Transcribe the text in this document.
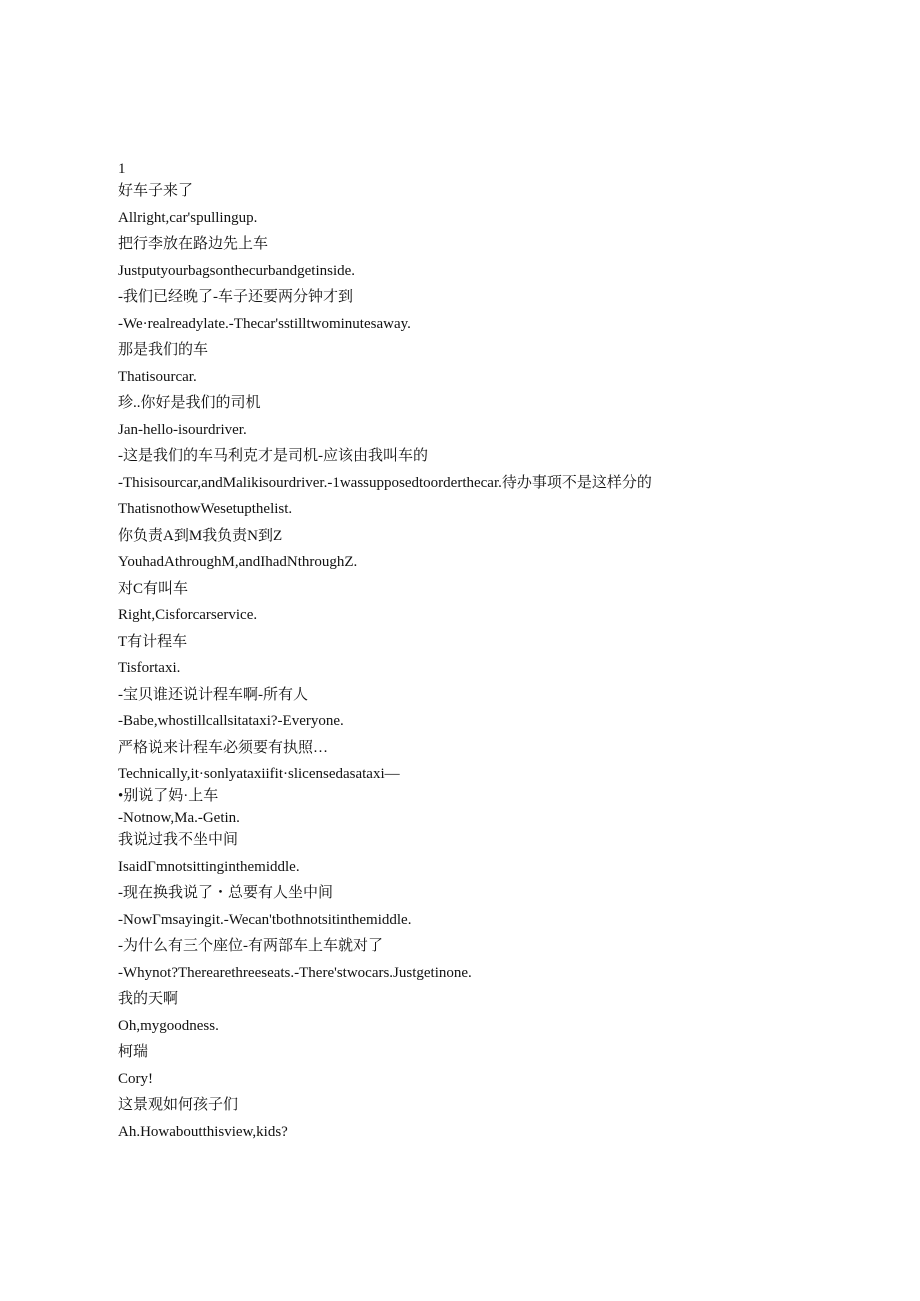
1
好车子来了
Allright,car'spullingup.
把行李放在路边先上车
Justputyourbagsonthecurbandgetinside.
-我们已经晚了-车子还要两分钟才到
-We·realreadylate.-Thecar'sstilltwominutesaway.
那是我们的车
Thatisourcar.
珍..你好是我们的司机
Jan-hello-isourdriver.
-这是我们的车马利克才是司机-应该由我叫车的
-Thisisourcar,andMalikisourdriver.-1wassupposedtoorderthecar.待办事项不是这样分的
ThatisnothowWesetupthelist.
你负责A到M我负责N到Z
YouhadAthroughM,andIhadNthroughZ.
对C有叫车
Right,Cisforcarservice.
T有计程车
Tisfortaxi.
-宝贝谁还说计程车啊-所有人
-Babe,whostillcallsitataxi?-Everyone.
严格说来计程车必须要有执照…
Technically,it·sonlyataxiifit·slicensedasataxi—
•别说了妈·上车
-Notnow,Ma.-Getin.
我说过我不坐中间
IsaidΓmnotsittinginthemiddle.
-现在换我说了・总要有人坐中间
-NowΓmsayingit.-Wecan'tbothnotsitinthemiddle.
-为什么有三个座位-有两部车上车就对了
-Whynot?Therearethreeseats.-There'stwocars.Justgetinone.
我的天啊
Oh,mygoodness.
柯瑞
Cory!
这景观如何孩子们
Ah.Howaboutthisview,kids?
